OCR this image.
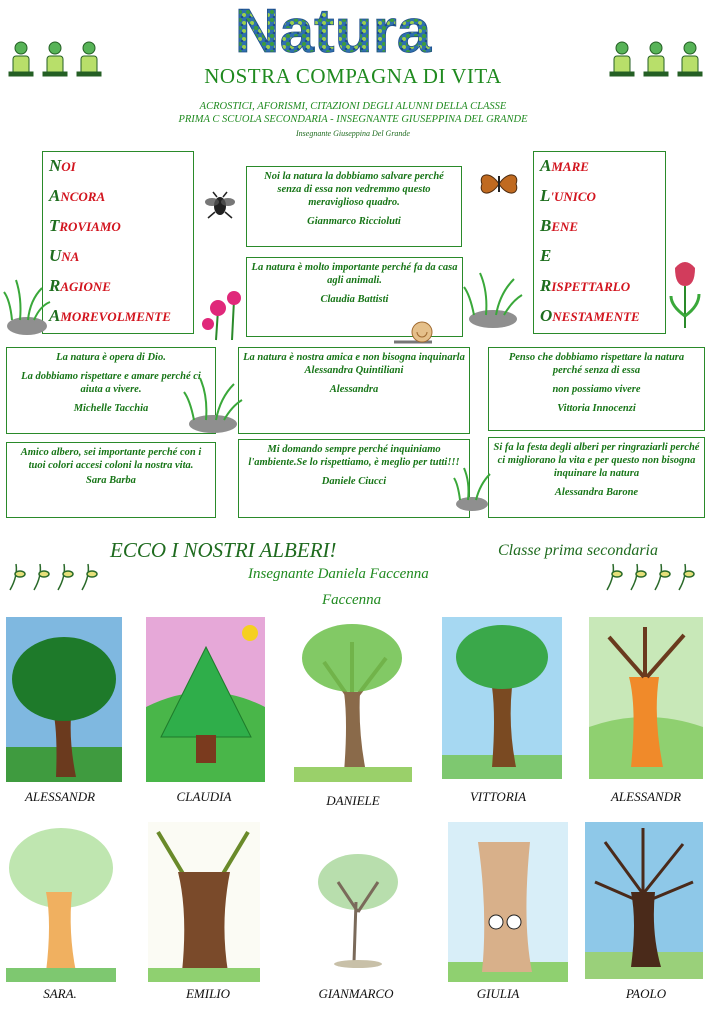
Natura
NOSTRA COMPAGNA DI VITA
ACROSTICI, AFORISMI, CITAZIONI DEGLI ALUNNI DELLA CLASSE
PRIMA C SCUOLA SECONDARIA - INSEGNANTE GIUSEPPINA DEL GRANDE
Insegnante Giuseppina Del Grande
NOI
ANCORA
TROVIAMO
UNA
RAGIONE
AMOREVOLMENTE
AMARE
L'UNICO
BENE
E
RISPETTARLO
ONESTAMENTE

Noi la natura la dobbiamo salvare perché senza di essa non vedremmo questo meraviglioso quadro.

Gianmarco Riccioluti

La natura è molto importante perché fa da casa agli animali.

Claudia Battisti

La natura è opera di Dio.

La dobbiamo rispettare e amare perché ci aiuta a vivere.

Michelle Tacchia

La natura è nostra amica e non bisogna inquinarla Alessandra Quintiliani

Alessandra

Penso che dobbiamo rispettare la natura perché senza di essa

non possiamo vivere

Vittoria Innocenzi

Amico albero, sei importante perché con i tuoi colori accesi coloni la nostra vita.

Sara Barba

Mi domando sempre perché inquiniamo l'ambiente.Se lo rispettiamo, è meglio per tutti!!!

Daniele Ciucci

Si fa la festa degli alberi per ringraziarli perché ci migliorano la vita e per questo non bisogna inquinare la natura

Alessandra Barone

ECCO I NOSTRI ALBERI!	Classe prima secondaria
Insegnante Daniela Faccenna
Faccenna
ALESSANDR	CLAUDIA	DANIELE	VITTORIA	ALESSANDR
SARA.	EMILIO	GIANMARCO	GIULIA	PAOLO
